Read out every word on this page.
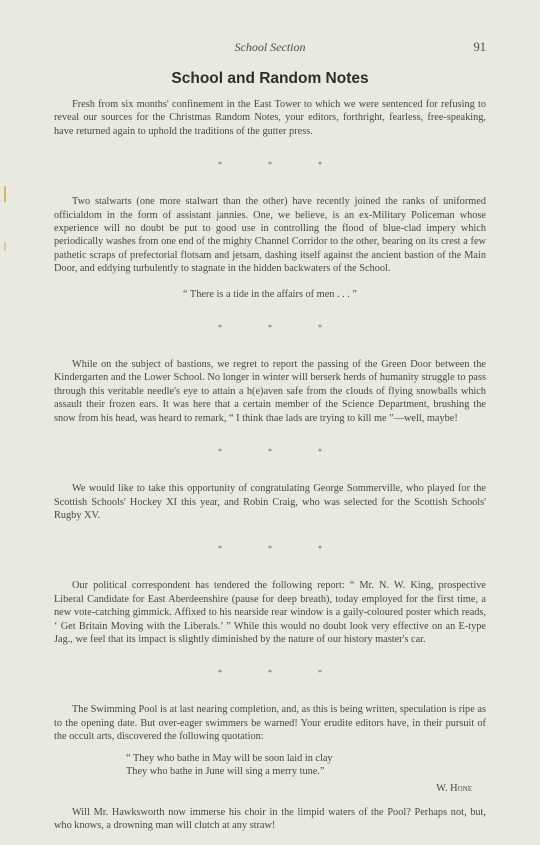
School Section	91
School and Random Notes

Fresh from six months' confinement in the East Tower to which we were sentenced for refusing to reveal our sources for the Christmas Random Notes, your editors, forthright, fearless, free-speaking, have returned again to uphold the traditions of the gutter press.

* * *

Two stalwarts (one more stalwart than the other) have recently joined the ranks of uniformed officialdom in the form of assistant jannies. One, we believe, is an ex-Military Policeman whose experience will no doubt be put to good use in controlling the flood of blue-clad impery which periodically washes from one end of the mighty Channel Corridor to the other, bearing on its crest a few pathetic scraps of prefectorial flotsam and jetsam, dashing itself against the ancient bastion of the Main Door, and eddying turbulently to stagnate in the hidden backwaters of the School.

“ There is a tide in the affairs of men . . . ”

* * *

While on the subject of bastions, we regret to report the passing of the Green Door between the Kindergarten and the Lower School. No longer in winter will berserk herds of humanity struggle to pass through this veritable needle's eye to attain a h(e)aven safe from the clouds of flying snowballs which assault their frozen ears. It was here that a certain member of the Science Department, brushing the snow from his head, was heard to remark, “ I think thae lads are trying to kill me ”—well, maybe!

* * *

We would like to take this opportunity of congratulating George Sommerville, who played for the Scottish Schools' Hockey XI this year, and Robin Craig, who was selected for the Scottish Schools' Rugby XV.

* * *

Our political correspondent has tendered the following report: “ Mr. N. W. King, prospective Liberal Candidate for East Aberdeenshire (pause for deep breath), today employed for the first time, a new vote-catching gimmick. Affixed to his nearside rear window is a gaily-coloured poster which reads, ‘ Get Britain Moving with the Liberals.’ ” While this would no doubt look very effective on an E-type Jag., we feel that its impact is slightly diminished by the nature of our history master's car.

* * *

The Swimming Pool is at last nearing completion, and, as this is being written, speculation is ripe as to the opening date. But over-eager swimmers be warned! Your erudite editors have, in their pursuit of the occult arts, discovered the following quotation:

“ They who bathe in May will be soon laid in clay
They who bathe in June will sing a merry tune.”
W. Hone

Will Mr. Hawksworth now immerse his choir in the limpid waters of the Pool? Perhaps not, but, who knows, a drowning man will clutch at any straw!
